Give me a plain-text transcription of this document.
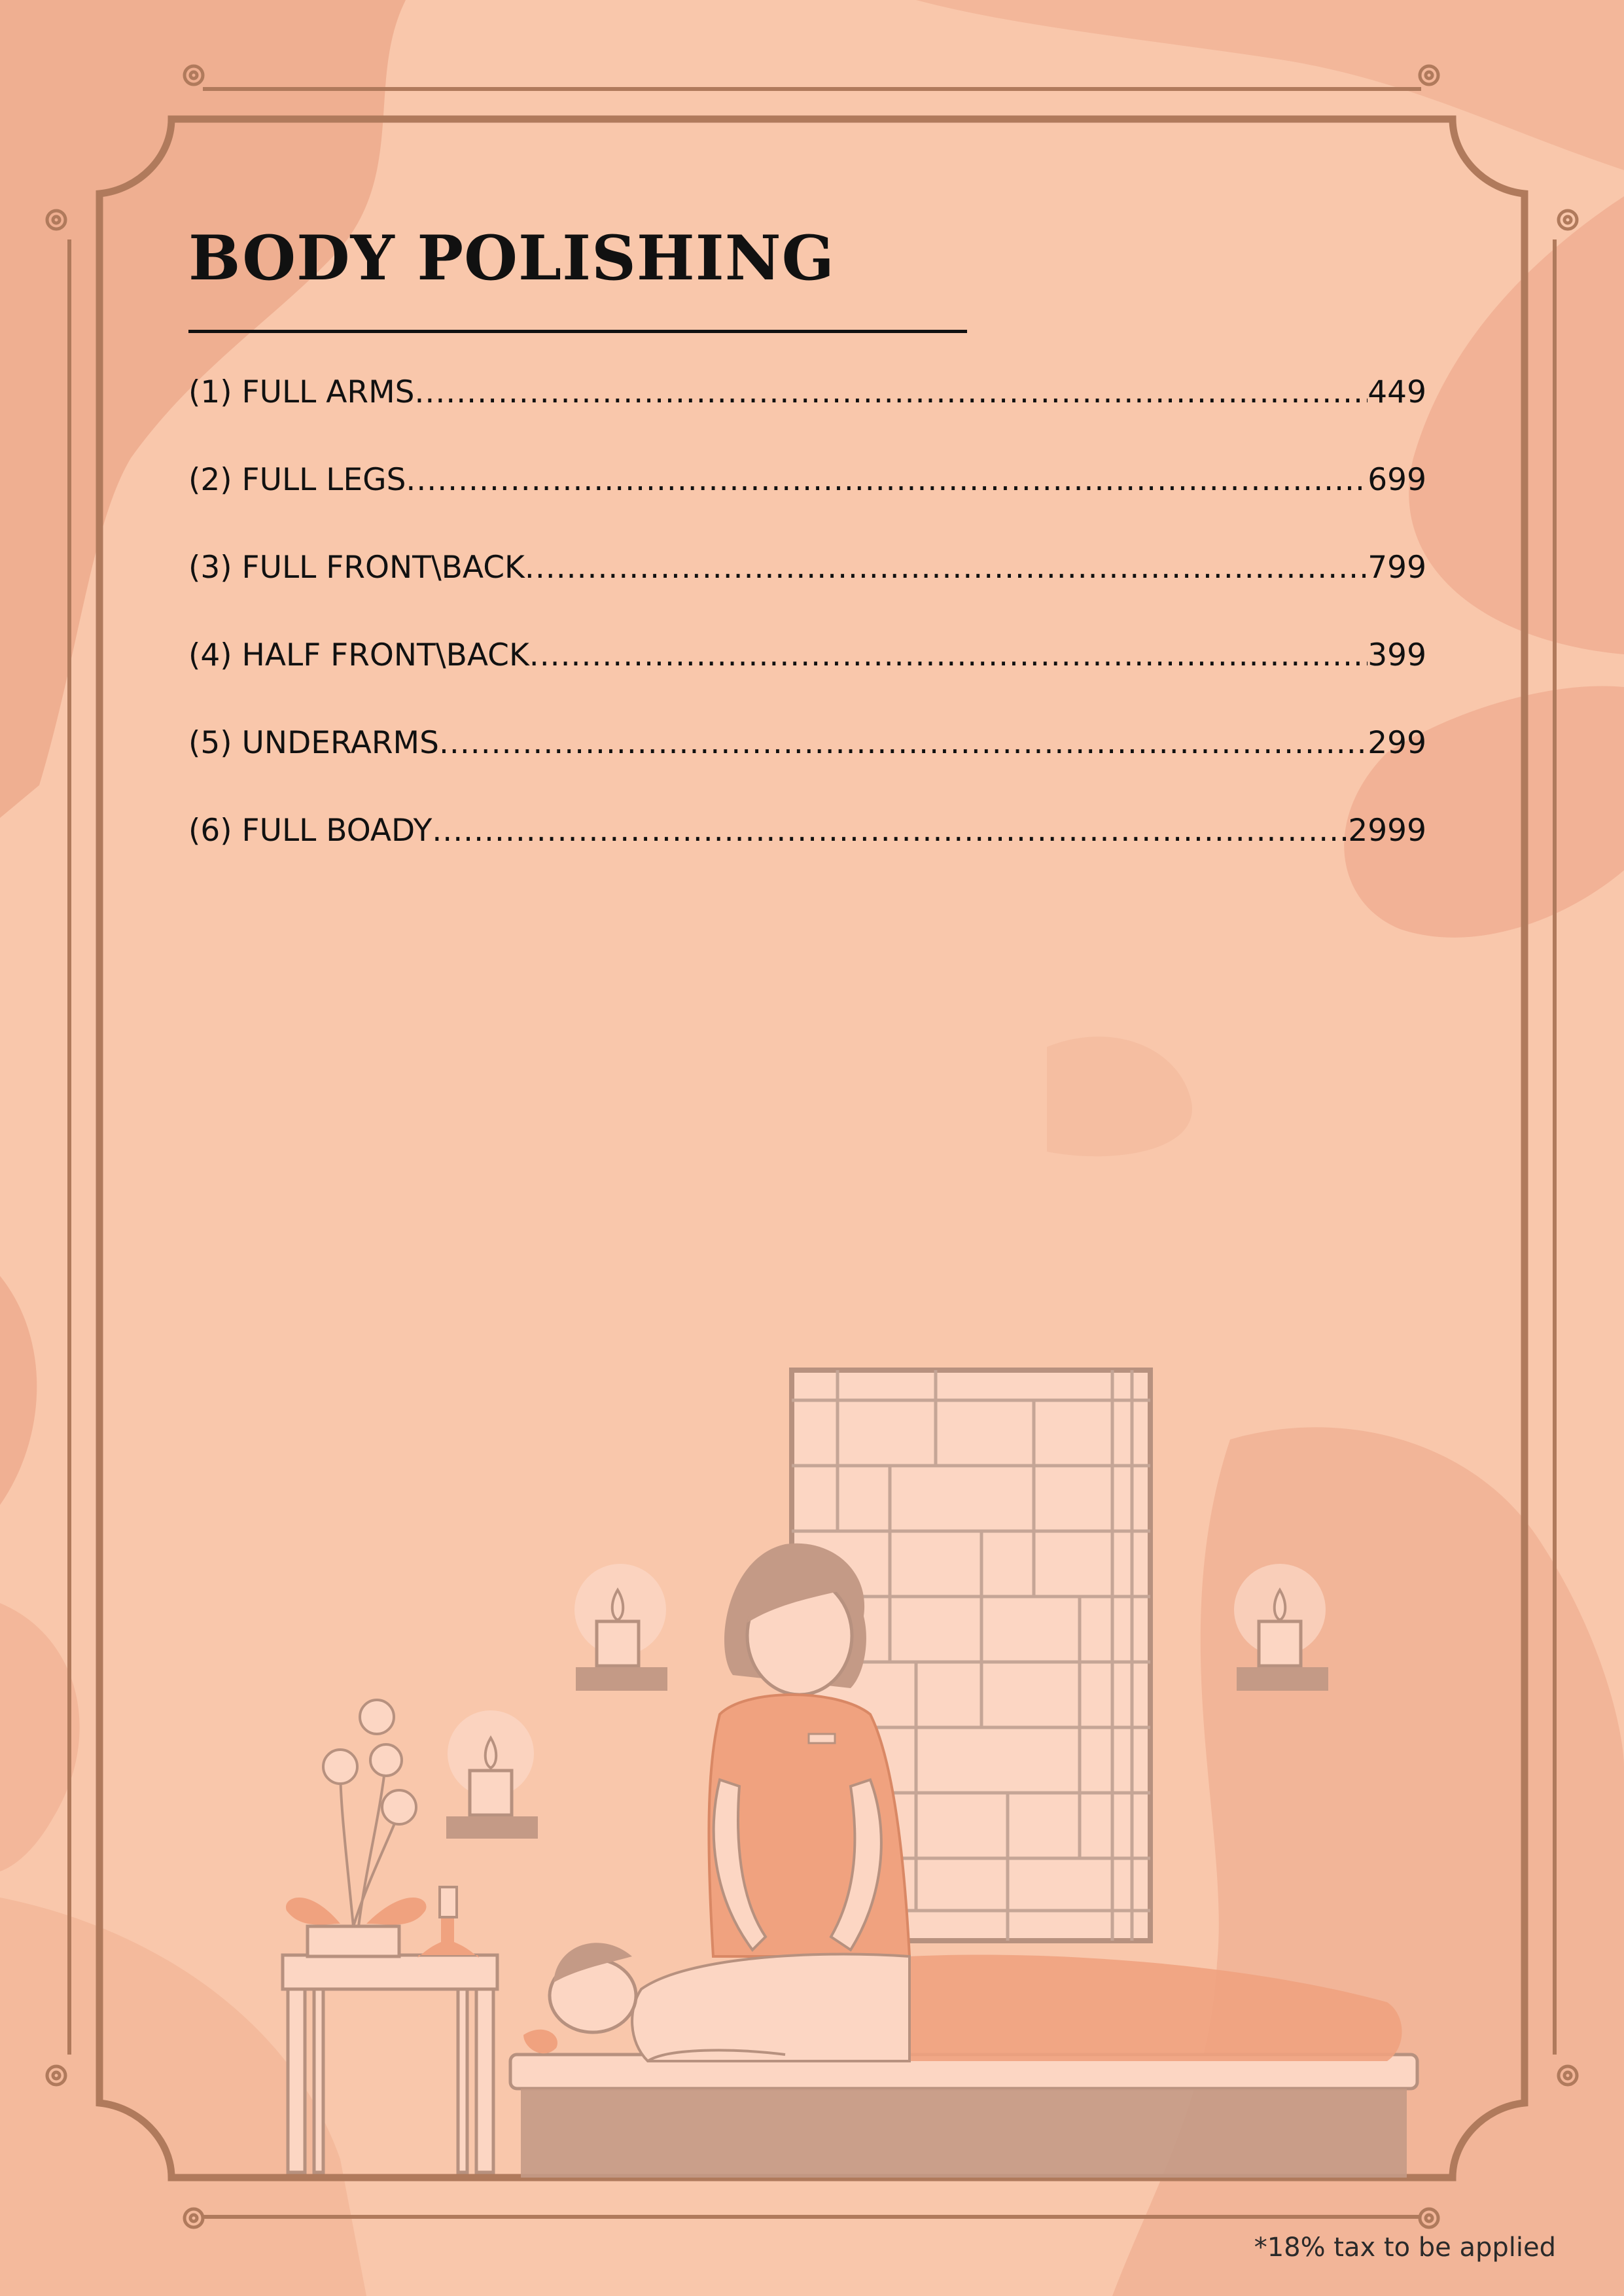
BODY POLISHING
(1)
FULL ARMS .....	449
(2)
FULL LEGS .....	699
(3)
FULL FRONT\BACK .....	799
(4)
HALF FRONT\BACK .....	399
(5)
UNDERARMS .....	299
(6)
FULL BOADY .....	2999
*18% tax to be applied
